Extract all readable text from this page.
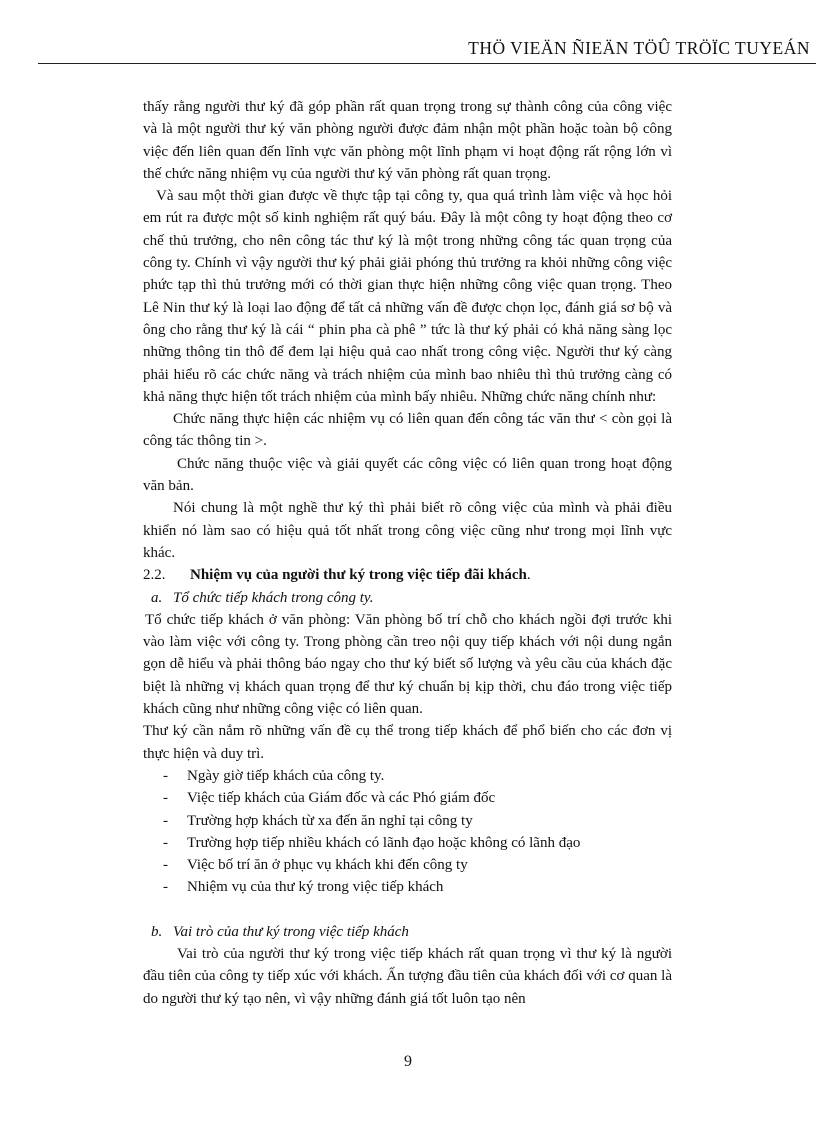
THÖ VIEÄN ÑIEÄN TÖÛ TRÖÏC TUYEÁN

thấy rằng người thư ký đã góp phần rất quan trọng trong sự thành công của công việc và là một người thư ký văn phòng người được đảm nhận một phần hoặc toàn bộ công việc đến liên quan đến lĩnh vực văn phòng một lĩnh phạm vi hoạt động rất rộng lớn vì thế chức năng nhiệm vụ của người thư ký văn phòng rất quan trọng.

Và sau một thời gian được về thực tập tại công ty, qua quá trình làm việc và học hỏi em rút ra được một số kinh nghiệm rất quý báu. Đây là một công ty hoạt động theo cơ chế thủ trưởng, cho nên công tác thư ký là một trong những công tác quan trọng của công ty. Chính vì vậy người thư ký phải giải phóng thủ trưởng ra khỏi những công việc phức tạp thì thủ trưởng mới có thời gian thực hiện những công việc quan trọng. Theo Lê Nin thư ký là loại lao động để tất cả những vấn đề được chọn lọc, đánh giá sơ bộ và ông cho rằng thư ký là cái “ phin pha cà phê ” tức là thư ký phải có khả năng sàng lọc những thông tin thô để đem lại hiệu quả cao nhất trong công việc. Người thư ký càng phải hiểu rõ các chức năng và trách nhiệm của mình bao nhiêu thì thủ trưởng càng có khả năng thực hiện tốt trách nhiệm của mình bấy nhiêu. Những chức năng chính như:

Chức năng thực hiện các nhiệm vụ có liên quan đến công tác văn thư < còn gọi là công tác thông tin >.

Chức năng thuộc việc và giải quyết các công việc có liên quan trong hoạt động văn bản.

Nói chung là một nghề thư ký thì phải biết rõ công việc của mình và phải điều khiển nó làm sao có hiệu quả tốt nhất trong công việc cũng như trong mọi lĩnh vực khác.

2.2. Nhiệm vụ của người thư ký trong việc tiếp đãi khách.

a. Tổ chức tiếp khách trong công ty.

Tổ chức tiếp khách ở văn phòng: Văn phòng bố trí chỗ cho khách ngồi đợi trước khi vào làm việc với công ty. Trong phòng cần treo nội quy tiếp khách với nội dung ngắn gọn dễ hiểu và phải thông báo ngay cho thư ký biết số lượng và yêu cầu của khách đặc biệt là những vị khách quan trọng để thư ký chuẩn bị kịp thời, chu đáo trong việc tiếp khách cũng như những công việc có liên quan.

Thư ký cần nắm rõ những vấn đề cụ thể trong tiếp khách để phổ biến cho các đơn vị thực hiện và duy trì.

- Ngày giờ tiếp khách của công ty.
- Việc tiếp khách của Giám đốc và các Phó giám đốc
- Trường hợp khách từ xa đến ăn nghỉ tại công ty
- Trường hợp tiếp nhiều khách có lãnh đạo hoặc không có lãnh đạo
- Việc bố trí ăn ở phục vụ khách khi đến công ty
- Nhiệm vụ của thư ký trong việc tiếp khách

b. Vai trò của thư ký trong việc tiếp khách

Vai trò của người thư ký trong việc tiếp khách rất quan trọng vì thư ký là người đầu tiên của công ty tiếp xúc với khách. Ấn tượng đầu tiên của khách đối với cơ quan là do người thư ký tạo nên, vì vậy những đánh giá tốt luôn tạo nên

9
